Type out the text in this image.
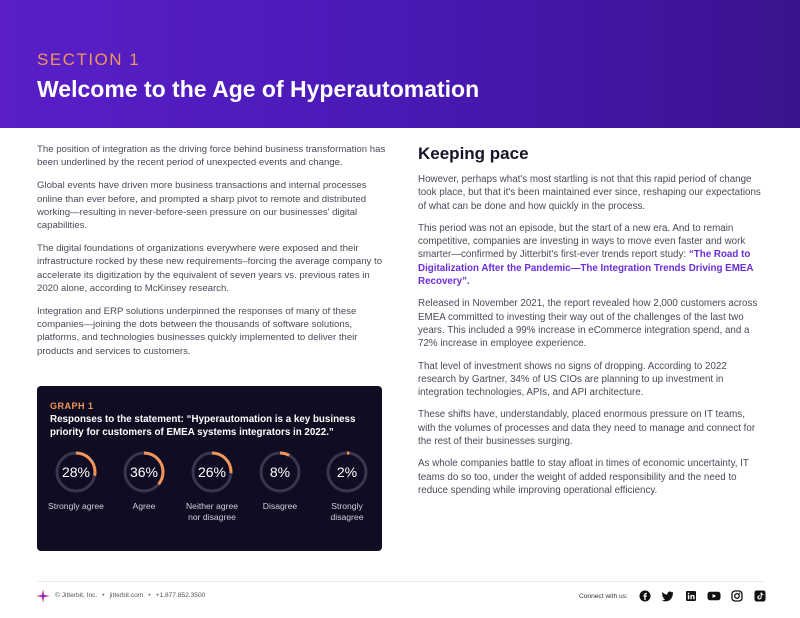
SECTION 1
Welcome to the Age of Hyperautomation

The position of integration as the driving force behind business transformation has been underlined by the recent period of unexpected events and change.

Global events have driven more business transactions and internal processes online than ever before, and prompted a sharp pivot to remote and distributed working—resulting in never-before-seen pressure on our businesses' digital capabilities.

The digital foundations of organizations everywhere were exposed and their infrastructure rocked by these new requirements–forcing the average company to accelerate its digitization by the equivalent of seven years vs. previous rates in 2020 alone, according to McKinsey research.

Integration and ERP solutions underpinned the responses of many of these companies—joining the dots between the thousands of software solutions, platforms, and technologies businesses quickly implemented to deliver their products and services to customers.

GRAPH 1
Responses to the statement: “Hyperautomation is a key business priority for customers of EMEA systems integrators in 2022.”
28%
Strongly agree
36%
Agree
26%
Neither agree nor disagree
8%
Disagree
2%
Strongly disagree
Keeping pace

However, perhaps what's most startling is not that this rapid period of change took place, but that it's been maintained ever since, reshaping our expectations of what can be done and how quickly in the process.

This period was not an episode, but the start of a new era. And to remain competitive, companies are investing in ways to move even faster and work smarter—confirmed by Jitterbit's first-ever trends report study: “The Road to Digitalization After the Pandemic—The Integration Trends Driving EMEA Recovery”.

Released in November 2021, the report revealed how 2,000 customers across EMEA committed to investing their way out of the challenges of the last two years. This included a 99% increase in eCommerce integration spend, and a 72% increase in employee experience.

That level of investment shows no signs of dropping. According to 2022 research by Gartner, 34% of US CIOs are planning to up investment in integration technologies, APIs, and API architecture.

These shifts have, understandably, placed enormous pressure on IT teams, with the volumes of processes and data they need to manage and connect for the rest of their businesses surging.

As whole companies battle to stay afloat in times of economic uncertainty, IT teams do so too, under the weight of added responsibility and the need to reduce spending while improving operational efficiency.

© Jitterbit, Inc. • jitterbit.com • +1.877.852.3500	Connect with us:
